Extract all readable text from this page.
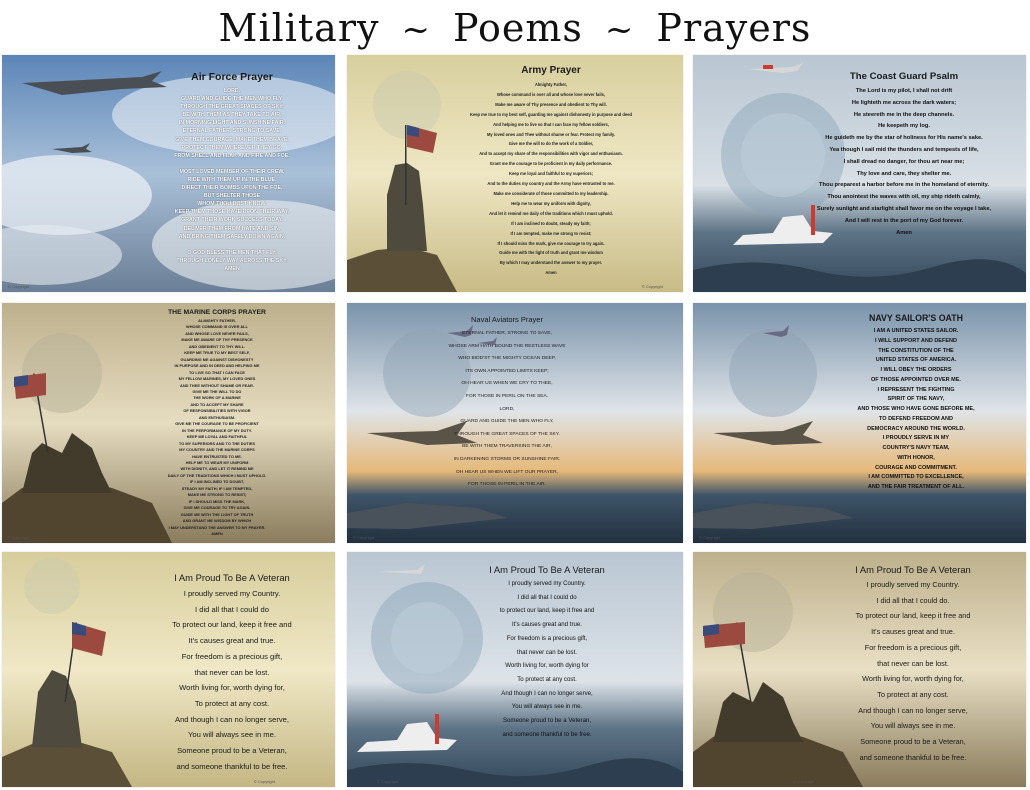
Military ~ Poems ~ Prayers
Air Force Prayer
LORD,
GUARD AND GUIDE THE MEN WHO FLY,
THROUGH THE GREAT SPACES OF SKY.
BE WITH THEM AS THEY TAKE TO AIR,
IN MORNING LIGHT AND SUNSHINE FAIR.
ETERNAL FATHER, STRONG TO SAVE,
GIVE THEM COURAGE, MAKE THEM BRAVE.
PROTECT THEM WHEREVER THEY GO,
FROM SHELL AND FLAK AND FIRE AND FOE.
MOST LOVED MEMBER OF THEIR CREW,
RIDE WITH THEM UP IN THE BLUE.
DIRECT THEIR BOMBS UPON THE FOE,
BUT SHELTER THOSE
WHOM THOU DOST KNOW.
KEEP THEM THOSE HAVE UPON THEIR WAY,
GRANT THEIR WORK SUCCESS TODAY.
DELIVER THEM FROM HATE AND SIN,
AND BRING THEM SAFELY DOWN AGAIN.
O GOD BLESS THE MEN THAT FLY,
THROUGH LONELY WAY ACROSS THE SKY.
AMEN
© Copyright
Army Prayer
Almighty Father,
Whose command is over all and whose love never fails,
Make me aware of Thy presence and obedient to Thy will.
Keep me true to my best self, guarding me against dishonesty in purpose and deed
And helping me to live so that I can face my fellow soldiers,
My loved ones and Thee without shame or fear. Protect my family.
Give me the will to do the work of a Soldier,
And to accept my share of the responsibilities with vigor and enthusiasm.
Grant me the courage to be proficient in my daily performance.
Keep me loyal and faithful to my superiors;
And to the duties my country and the Army have entrusted to me.
Make me considerate of those committed to my leadership.
Help me to wear my uniform with dignity,
And let it remind me daily of the traditions which I must uphold.
If I am inclined to doubt, steady my faith;
If I am tempted, make me strong to resist;
If I should miss the mark, give me courage to try again.
Guide me with the light of truth and grant me wisdom
By which I may understand the answer to my prayer.
Amen
© Copyright
The Coast Guard Psalm
The Lord is my pilot, I shall not drift
He lighteth me across the dark waters;
He steereth me in the deep channels.
He keepeth my log.
He guideth me by the star of holiness for His name's sake.
Yea though I sail mid the thunders and tempests of life,
I shall dread no danger, for thou art near me;
Thy love and care, they shelter me.
Thou preparest a harbor before me in the homeland of eternity.
Thou anointest the waves with oil, my ship rideth calmly,
Surely sunlight and starlight shall favor me on the voyage I take,
And I will rest in the port of my God forever.
Amen
THE MARINE CORPS PRAYER
ALMIGHTY FATHER,
WHOSE COMMAND IS OVER ALL
AND WHOSE LOVE NEVER FAILS,
MAKE ME AWARE OF THY PRESENCE
AND OBEDIENT TO THY WILL.
KEEP ME TRUE TO MY BEST SELF,
GUARDING ME AGAINST DISHONESTY
IN PURPOSE AND IN DEED AND HELPING ME
TO LIVE SO THAT I CAN FACE
MY FELLOW MARINES, MY LOVED ONES
AND THEE WITHOUT SHAME OR FEAR.
GIVE ME THE WILL TO DO
THE WORK OF A MARINE
AND TO ACCEPT MY SHARE
OF RESPONSIBILITIES WITH VIGOR
AND ENTHUSIASM.
GIVE ME THE COURAGE TO BE PROFICIENT
IN THE PERFORMANCE OF MY DUTY.
KEEP ME LOYAL AND FAITHFUL
TO MY SUPERIORS AND TO THE DUTIES
MY COUNTRY AND THE MARINE CORPS
HAVE ENTRUSTED TO ME.
HELP ME TO WEAR MY UNIFORM
WITH DIGNITY, AND LET IT REMIND ME
DAILY OF THE TRADITIONS WHICH I MUST UPHOLD.
IF I AM INCLINED TO DOUBT,
STEADY MY FAITH; IF I AM TEMPTED,
MAKE ME STRONG TO RESIST;
IF I SHOULD MISS THE MARK,
GIVE ME COURAGE TO TRY AGAIN.
GUIDE ME WITH THE LIGHT OF TRUTH
AND GRANT ME WISDOM BY WHICH
I MAY UNDERSTAND THE ANSWER TO MY PRAYER.
AMEN
© Copyright
Naval Aviators Prayer
ETERNAL FATHER, STRONG TO SAVE,
WHOSE ARM HATH BOUND THE RESTLESS WAVE
WHO BIDD'ST THE MIGHTY OCEAN DEEP,
ITS OWN APPOINTED LIMITS KEEP;
OH HEAR US WHEN WE CRY TO THEE,
FOR THOSE IN PERIL ON THE SEA.
LORD,
GUARD AND GUIDE THE MEN WHO FLY,
THROUGH THE GREAT SPACES OF THE SKY.
BE WITH THEM TRAVERSING THE AIR,
IN DARKENING STORMS OR SUNSHINE FAIR.
OH HEAR US WHEN WE LIFT OUR PRAYER,
FOR THOSE IN PERIL IN THE AIR.
© Copyright
NAVY SAILOR'S OATH
I AM A UNITED STATES SAILOR.
I WILL SUPPORT AND DEFEND
THE CONSTITUTION OF THE
UNITED STATES OF AMERICA.
I WILL OBEY THE ORDERS
OF THOSE APPOINTED OVER ME.
I REPRESENT THE FIGHTING
SPIRIT OF THE NAVY,
AND THOSE WHO HAVE GONE BEFORE ME,
TO DEFEND FREEDOM AND
DEMOCRACY AROUND THE WORLD.
I PROUDLY SERVE IN MY
COUNTRY'S NAVY TEAM,
WITH HONOR,
COURAGE AND COMMITMENT.
I AM COMMITTED TO EXCELLENCE,
AND THE FAIR TREATMENT OF ALL.
© Copyright
I Am Proud To Be A Veteran
I proudly served my Country.
I did all that I could do
To protect our land, keep it free and
It's causes great and true.
For freedom is a precious gift,
that never can be lost.
Worth living for, worth dying for,
To protect at any cost.
And though I can no longer serve,
You will always see in me.
Someone proud to be a Veteran,
and someone thankful to be free.
© Copyright
I Am Proud To Be A Veteran
I proudly served my Country.
I did all that I could do
to protect our land, keep it free and
It's causes great and true.
For freedom is a precious gift,
that never can be lost.
Worth living for, worth dying for
To protect at any cost.
And though I can no longer serve,
You will always see in me.
Someone proud to be a Veteran,
and someone thankful to be free.
© Copyright
I Am Proud To Be A Veteran
I proudly served my Country.
I did all that I could do.
To protect our land, keep it free and
It's causes great and true.
For freedom is a precious gift,
that never can be lost.
Worth living for, worth dying for,
To protect at any cost.
And though I can no longer serve,
You will always see in me.
Someone proud to be a Veteran,
and someone thankful to be free.
© Copyright
